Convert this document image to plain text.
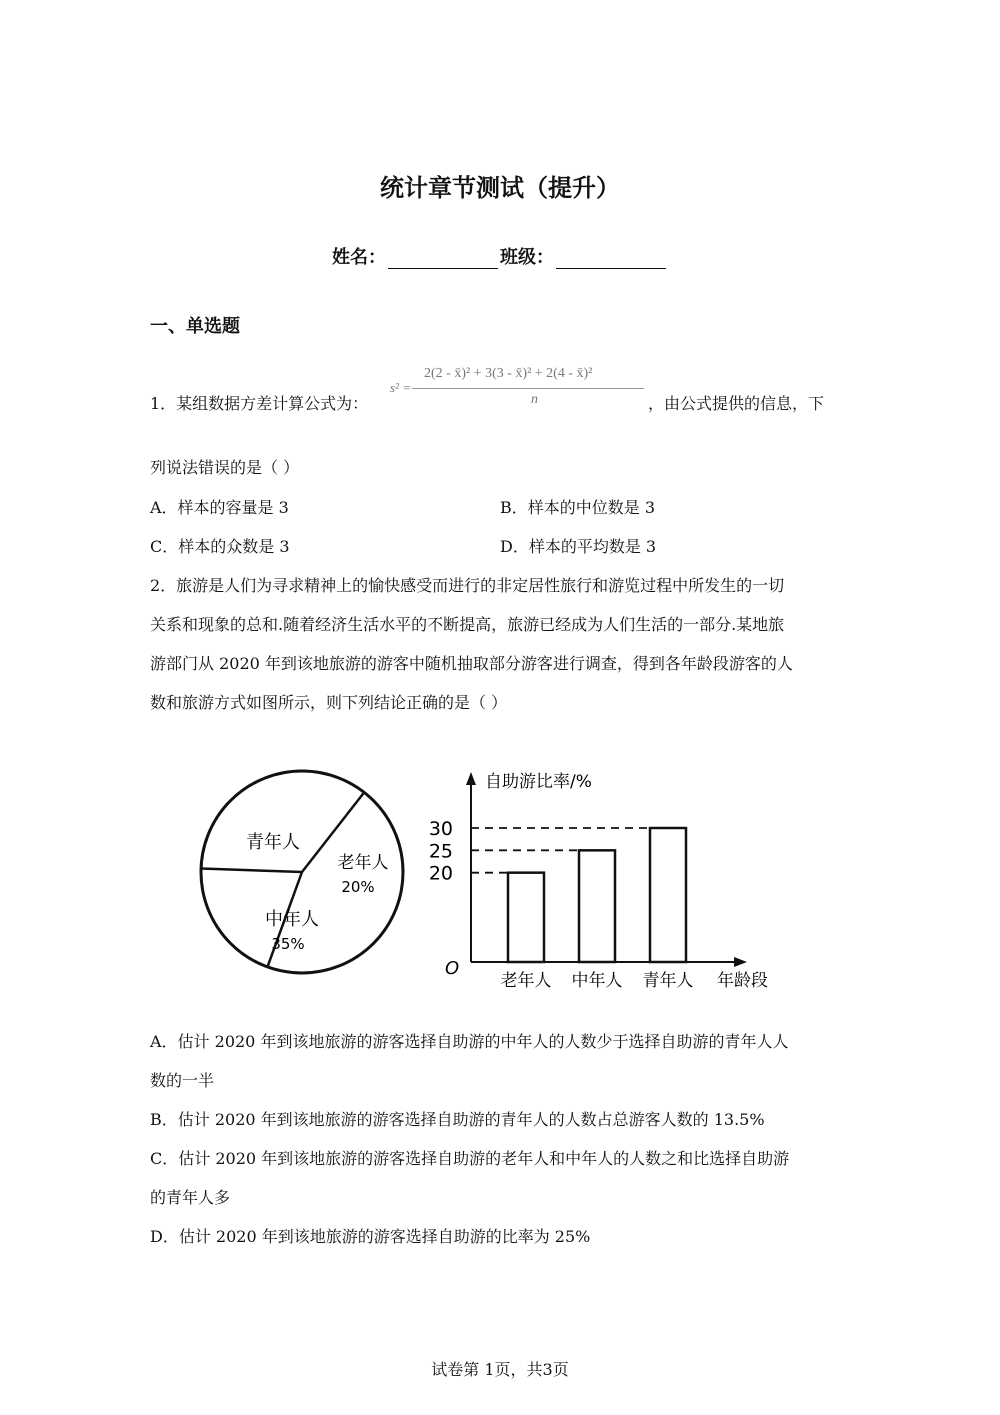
统计章节测试（提升）
姓名：	班级：
一、单选题
1．某组数据方差计算公式为：
s² =
2(2 - x̄)² + 3(3 - x̄)² + 2(4 - x̄)²
n	，由公式提供的信息，下
列说法错误的是（ ）
A．样本的容量是 3	B．样本的中位数是 3
C．样本的众数是 3	D．样本的平均数是 3
2．旅游是人们为寻求精神上的愉快感受而进行的非定居性旅行和游览过程中所发生的一切
关系和现象的总和.随着经济生活水平的不断提高，旅游已经成为人们生活的一部分.某地旅
游部门从 2020 年到该地旅游的游客中随机抽取部分游客进行调查，得到各年龄段游客的人
数和旅游方式如图所示，则下列结论正确的是（ ）
青年人
老年人
20%
中年人
35%
自助游比率/%
年龄段
O
老年人 中年人 青年人
20
25
30
A．估计 2020 年到该地旅游的游客选择自助游的中年人的人数少于选择自助游的青年人人
数的一半
B．估计 2020 年到该地旅游的游客选择自助游的青年人的人数占总游客人数的 13.5%
C．估计 2020 年到该地旅游的游客选择自助游的老年人和中年人的人数之和比选择自助游
的青年人多
D．估计 2020 年到该地旅游的游客选择自助游的比率为 25%
试卷第 1页，共3页
